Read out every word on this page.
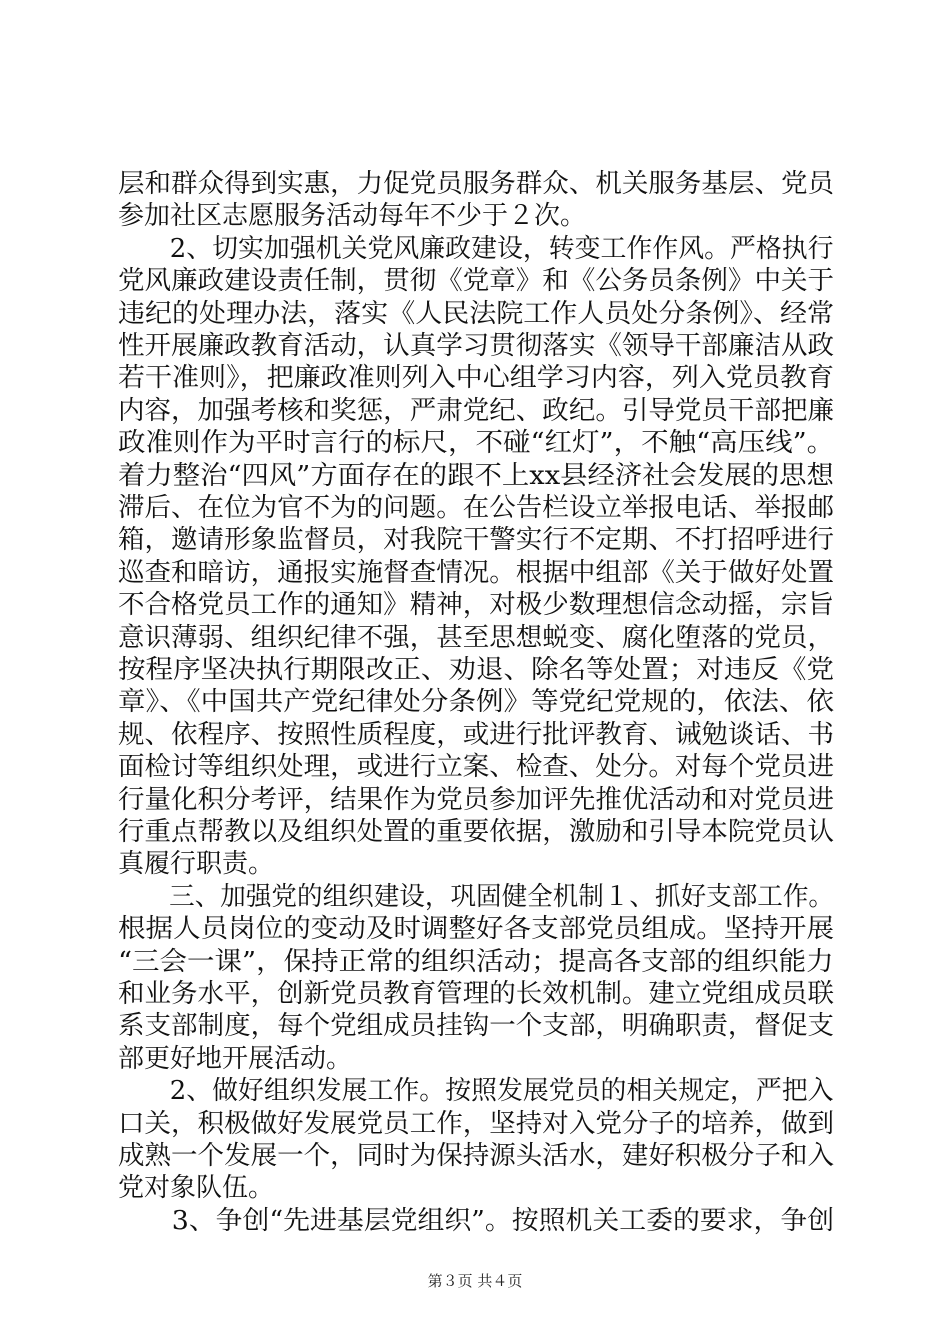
层和群众得到实惠，力促党员服务群众、机关服务基层、党员
参加社区志愿服务活动每年不少于２次。
　　2、切实加强机关党风廉政建设，转变工作作风。严格执行
党风廉政建设责任制，贯彻《党章》和《公务员条例》中关于
违纪的处理办法，落实《人民法院工作人员处分条例》、经常
性开展廉政教育活动，认真学习贯彻落实《领导干部廉洁从政
若干准则》，把廉政准则列入中心组学习内容，列入党员教育
内容，加强考核和奖惩，严肃党纪、政纪。引导党员干部把廉
政准则作为平时言行的标尺，不碰“红灯”，不触“高压线”。
着力整治“四风”方面存在的跟不上xx县经济社会发展的思想
滞后、在位为官不为的问题。在公告栏设立举报电话、举报邮
箱，邀请形象监督员，对我院干警实行不定期、不打招呼进行
巡查和暗访，通报实施督查情况。根据中组部《关于做好处置
不合格党员工作的通知》精神，对极少数理想信念动摇，宗旨
意识薄弱、组织纪律不强，甚至思想蜕变、腐化堕落的党员，
按程序坚决执行期限改正、劝退、除名等处置；对违反《党
章》、《中国共产党纪律处分条例》等党纪党规的，依法、依
规、依程序、按照性质程度，或进行批评教育、诫勉谈话、书
面检讨等组织处理，或进行立案、检查、处分。对每个党员进
行量化积分考评，结果作为党员参加评先推优活动和对党员进
行重点帮教以及组织处置的重要依据，激励和引导本院党员认
真履行职责。
　　三、加强党的组织建设，巩固健全机制１、抓好支部工作。
根据人员岗位的变动及时调整好各支部党员组成。坚持开展
“三会一课”，保持正常的组织活动；提高各支部的组织能力
和业务水平，创新党员教育管理的长效机制。建立党组成员联
系支部制度，每个党组成员挂钩一个支部，明确职责，督促支
部更好地开展活动。
　　2、做好组织发展工作。按照发展党员的相关规定，严把入
口关，积极做好发展党员工作，坚持对入党分子的培养，做到
成熟一个发展一个，同时为保持源头活水，建好积极分子和入
党对象队伍。
　　3、争创“先进基层党组织”。按照机关工委的要求，争创
第３页 共４页
